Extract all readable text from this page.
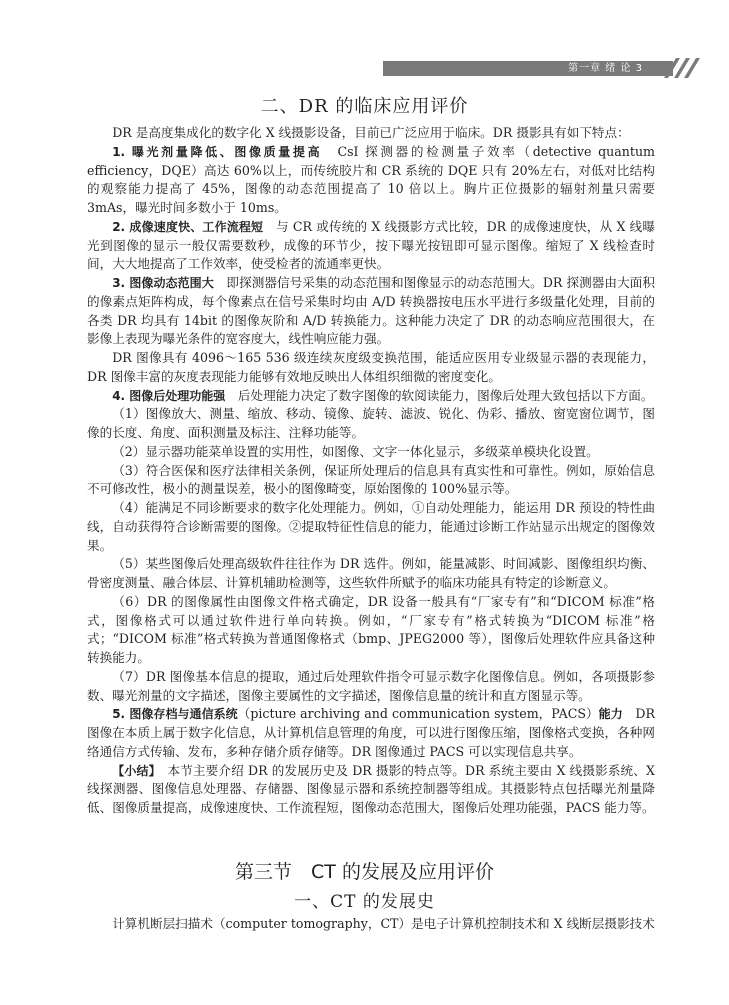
第一章 绪 论 3
二、DR 的临床应用评价

DR 是高度集成化的数字化 X 线摄影设备，目前已广泛应用于临床。DR 摄影具有如下特点：

1. 曝光剂量降低、图像质量提高　CsI 探测器的检测量子效率（detective quantum efficiency，DQE）高达 60%以上，而传统胶片和 CR 系统的 DQE 只有 20%左右，对低对比结构的观察能力提高了 45%，图像的动态范围提高了 10 倍以上。胸片正位摄影的辐射剂量只需要 3mAs，曝光时间多数小于 10ms。

2. 成像速度快、工作流程短　与 CR 或传统的 X 线摄影方式比较，DR 的成像速度快，从 X 线曝光到图像的显示一般仅需要数秒，成像的环节少，按下曝光按钮即可显示图像。缩短了 X 线检查时间，大大地提高了工作效率，使受检者的流通率更快。

3. 图像动态范围大　即探测器信号采集的动态范围和图像显示的动态范围大。DR 探测器由大面积的像素点矩阵构成，每个像素点在信号采集时均由 A/D 转换器按电压水平进行多级量化处理，目前的各类 DR 均具有 14bit 的图像灰阶和 A/D 转换能力。这种能力决定了 DR 的动态响应范围很大，在影像上表现为曝光条件的宽容度大，线性响应能力强。

DR 图像具有 4096～165 536 级连续灰度级变换范围，能适应医用专业级显示器的表现能力，DR 图像丰富的灰度表现能力能够有效地反映出人体组织细微的密度变化。

4. 图像后处理功能强　后处理能力决定了数字图像的软阅读能力，图像后处理大致包括以下方面。

（1）图像放大、测量、缩放、移动、镜像、旋转、滤波、锐化、伪彩、播放、窗宽窗位调节，图像的长度、角度、面积测量及标注、注释功能等。

（2）显示器功能菜单设置的实用性，如图像、文字一体化显示，多级菜单模块化设置。

（3）符合医保和医疗法律相关条例，保证所处理后的信息具有真实性和可靠性。例如，原始信息不可修改性，极小的测量误差，极小的图像畸变，原始图像的 100%显示等。

（4）能满足不同诊断要求的数字化处理能力。例如，①自动处理能力，能运用 DR 预设的特性曲线，自动获得符合诊断需要的图像。②提取特征性信息的能力，能通过诊断工作站显示出规定的图像效果。

（5）某些图像后处理高级软件往往作为 DR 选件。例如，能量减影、时间减影、图像组织均衡、骨密度测量、融合体层、计算机辅助检测等，这些软件所赋予的临床功能具有特定的诊断意义。

（6）DR 的图像属性由图像文件格式确定，DR 设备一般具有“厂家专有”和“DICOM 标准”格式，图像格式可以通过软件进行单向转换。例如，“厂家专有”格式转换为“DICOM 标准”格式；“DICOM 标准”格式转换为普通图像格式（bmp、JPEG2000 等），图像后处理软件应具备这种转换能力。

（7）DR 图像基本信息的提取，通过后处理软件指令可显示数字化图像信息。例如，各项摄影参数、曝光剂量的文字描述，图像主要属性的文字描述，图像信息量的统计和直方图显示等。

5. 图像存档与通信系统（picture archiving and communication system，PACS）能力　DR 图像在本质上属于数字化信息，从计算机信息管理的角度，可以进行图像压缩，图像格式变换，各种网络通信方式传输、发布，多种存储介质存储等。DR 图像通过 PACS 可以实现信息共享。

【小结】　本节主要介绍 DR 的发展历史及 DR 摄影的特点等。DR 系统主要由 X 线摄影系统、X 线探测器、图像信息处理器、存储器、图像显示器和系统控制器等组成。其摄影特点包括曝光剂量降低、图像质量提高，成像速度快、工作流程短，图像动态范围大，图像后处理功能强，PACS 能力等。

第三节　CT 的发展及应用评价
一、CT 的发展史
计算机断层扫描术（computer tomography，CT）是电子计算机控制技术和 X 线断层摄影技术
